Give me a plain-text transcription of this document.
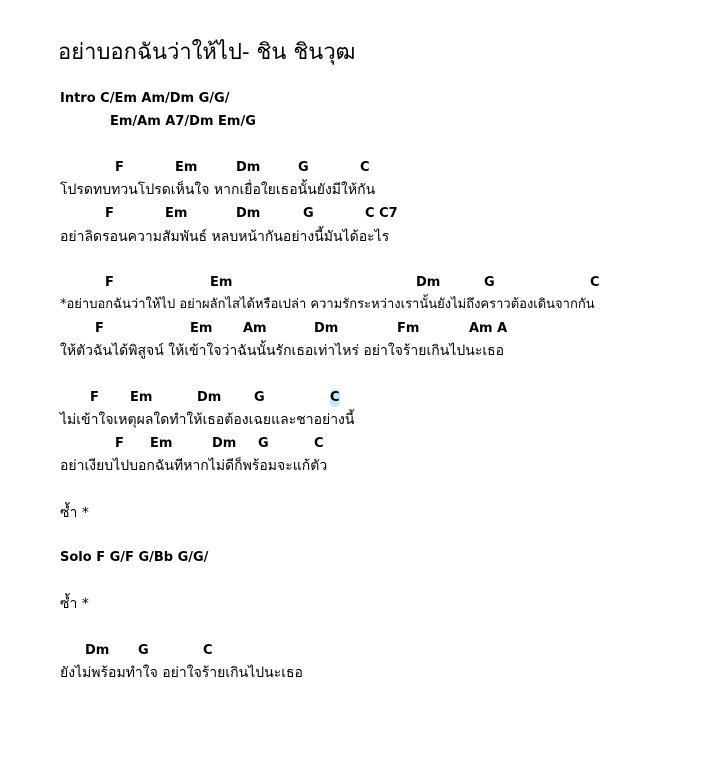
อย่าบอกฉันว่าให้ไป- ชิน ชินวุฒ
Intro C/Em Am/Dm G/G/
Em/Am A7/Dm Em/G
F	Em	Dm	G	C
โปรดทบทวนโปรดเห็นใจ หากเยื่อใยเธอนั้นยังมีให้กัน
F	Em	Dm	G	C C7
อย่าลิดรอนความสัมพันธ์ หลบหน้ากันอย่างนี้มันได้อะไร
F	Em	Dm	G	C
*อย่าบอกฉันว่าให้ไป อย่าผลักไสได้หรือเปล่า ความรักระหว่างเรานั้นยังไม่ถึงคราวต้องเดินจากกัน
F	Em Am	Dm	Fm	Am A
ให้ตัวฉันได้พิสูจน์ ให้เข้าใจว่าฉันนั้นรักเธอเท่าไหร่ อย่าใจร้ายเกินไปนะเธอ
F Em	Dm	G	C
ไม่เข้าใจเหตุผลใดทำให้เธอต้องเฉยและชาอย่างนี้
F Em	Dm G	C
อย่าเงียบไปบอกฉันทีหากไม่ดีก็พร้อมจะแก้ตัว
ซ้ำ *
Solo F G/F G/Bb G/G/
ซ้ำ *
Dm G	C
ยังไม่พร้อมทำใจ อย่าใจร้ายเกินไปนะเธอ
